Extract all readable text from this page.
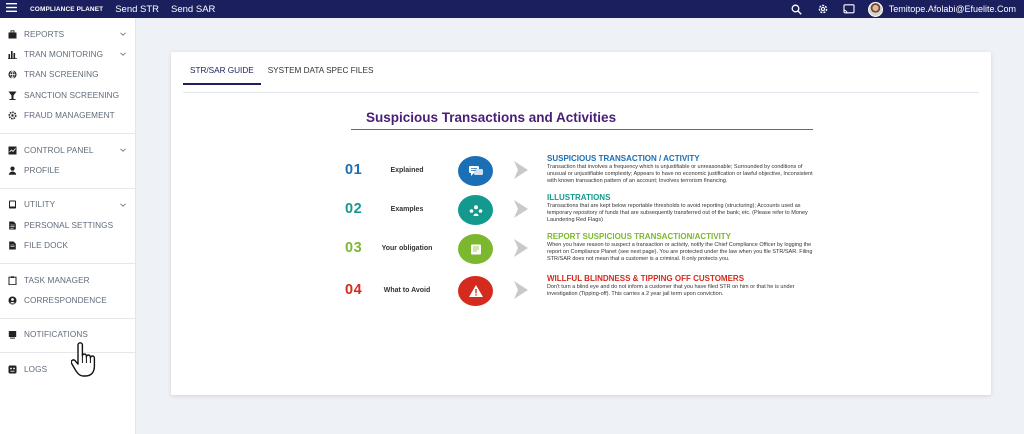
COMPLIANCE PLANET Send STR Send SAR	Temitope.Afolabi@Efuelite.Com
REPORTS
TRAN MONITORING
TRAN SCREENING
SANCTION SCREENING
FRAUD MANAGEMENT
CONTROL PANEL
PROFILE
UTILITY
PERSONAL SETTINGS
FILE DOCK
TASK MANAGER
CORRESPONDENCE
NOTIFICATIONS
LOGS
STR/SAR GUIDE	SYSTEM DATA SPEC FILES
Suspicious Transactions and Activities
01	Explained
SUSPICIOUS TRANSACTION / ACTIVITY
Transaction that involves a frequency which is unjustifiable or unreasonable; Surrounded by conditions of unusual or unjustifiable complexity; Appears to have no economic justification or lawful objective, Inconsistent with known transaction pattern of an account; Involves terrorism financing.
02	Examples
ILLUSTRATIONS
Transactions that are kept below reportable thresholds to avoid reporting (structuring); Accounts used as temporary repository of funds that are subsequently transferred out of the bank; etc. (Please refer to Money Laundering Red Flags)
03	Your obligation
REPORT SUSPICIOUS TRANSACTION/ACTIVITY
When you have reason to suspect a transaction or activity, notify the Chief Compliance Officer by logging the report on Compliance Planet (see next page). You are protected under the law when you file STR/SAR. Filing STR/SAR does not mean that a customer is a criminal. It only protects you.
04	What to Avoid
WILLFUL BLINDNESS & TIPPING OFF CUSTOMERS
Don't turn a blind eye and do not inform a customer that you have filed STR on him or that he is under investigation (Tipping-off). This carries a 2 year jail term upon conviction.
